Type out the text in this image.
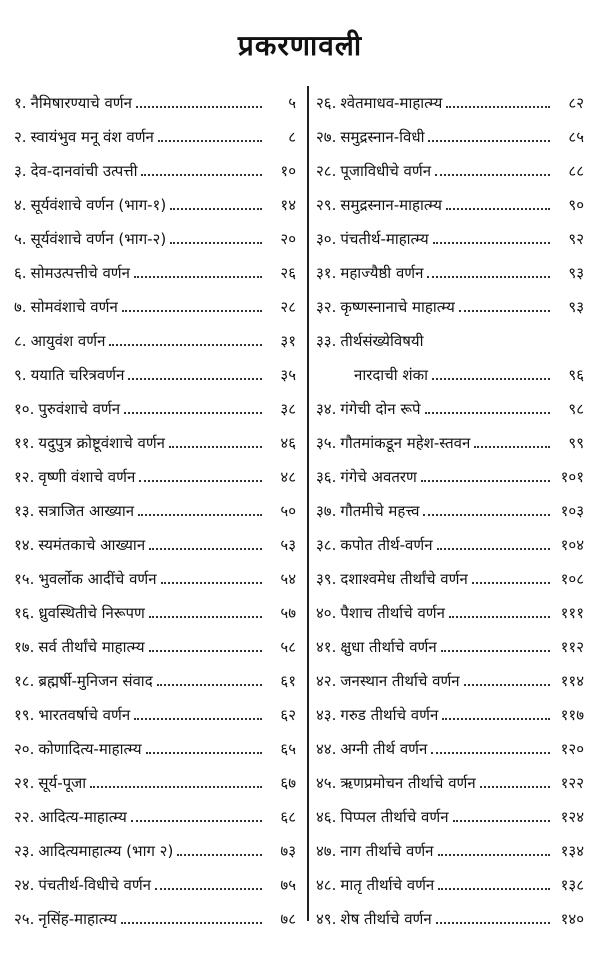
प्रकरणावली
१. नैमिषारण्याचे वर्णन	५
२. स्वायंभुव मनू वंश वर्णन	८
३. देव-दानवांची उत्पत्ती	१०
४. सूर्यवंशाचे वर्णन (भाग-१)	१४
५. सूर्यवंशाचे वर्णन (भाग-२)	२०
६. सोमउत्पत्तीचे वर्णन	२६
७. सोमवंशाचे वर्णन	२८
८. आयुवंश वर्णन	३१
९. ययाति चरित्रवर्णन	३५
१०. पुरुवंशाचे वर्णन	३८
११. यदुपुत्र क्रोष्टूवंशाचे वर्णन	४६
१२. वृष्णी वंशाचे वर्णन	४८
१३. सत्राजित आख्यान	५०
१४. स्यमंतकाचे आख्यान	५३
१५. भुवर्लोक आदींचे वर्णन	५४
१६. ध्रुवस्थितीचे निरूपण	५७
१७. सर्व तीर्थांचे माहात्म्य	५८
१८. ब्रह्मर्षी-मुनिजन संवाद	६१
१९. भारतवर्षाचे वर्णन	६२
२०. कोणादित्य-माहात्म्य	६५
२१. सूर्य-पूजा	६७
२२. आदित्य-माहात्म्य	६८
२३. आदित्यमाहात्म्य (भाग २)	७३
२४. पंचतीर्थ-विधीचे वर्णन	७५
२५. नृसिंह-माहात्म्य	७८
२६. श्वेतमाधव-माहात्म्य	८२
२७. समुद्रस्नान-विधी	८५
२८. पूजाविधीचे वर्णन	८८
२९. समुद्रस्नान-माहात्म्य	९०
३०. पंचतीर्थ-माहात्म्य	९२
३१. महाज्यैष्ठी वर्णन	९३
३२. कृष्णस्नानाचे माहात्म्य	९३
३३. तीर्थसंख्येविषयी
नारदाची शंका	९६
३४. गंगेची दोन रूपे	९८
३५. गौतमांकडून महेश-स्तवन	९९
३६. गंगेचे अवतरण	१०१
३७. गौतमीचे महत्त्व	१०३
३८. कपोत तीर्थ-वर्णन	१०४
३९. दशाश्वमेध तीर्थांचे वर्णन	१०८
४०. पैशाच तीर्थाचे वर्णन	१११
४१. क्षुधा तीर्थाचे वर्णन	११२
४२. जनस्थान तीर्थाचे वर्णन	११४
४३. गरुड तीर्थाचे वर्णन	११७
४४. अग्नी तीर्थ वर्णन	१२०
४५. ऋणप्रमोचन तीर्थाचे वर्णन	१२२
४६. पिप्पल तीर्थाचे वर्णन	१२४
४७. नाग तीर्थाचे वर्णन	१३४
४८. मातृ तीर्थाचे वर्णन	१३८
४९. शेष तीर्थाचे वर्णन	१४०
